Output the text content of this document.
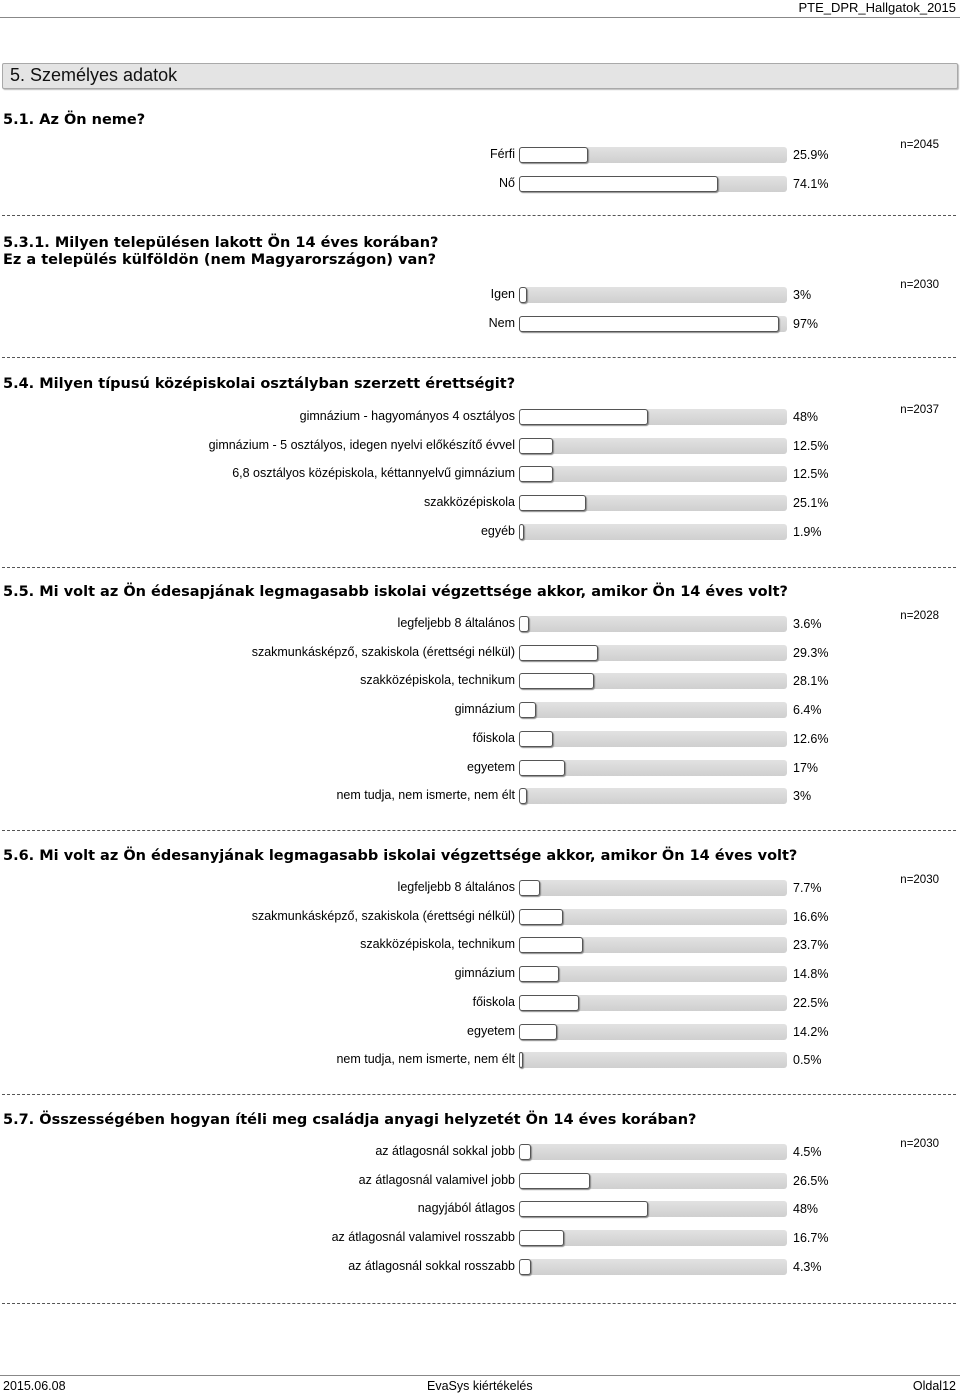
PTE_DPR_Hallgatok_2015
5. Személyes adatok
5.1. Az Ön neme?
n=2045
Férfi	25.9%
Nő	74.1%
5.3.1. Milyen településen lakott Ön 14 éves korában?
Ez a település külföldön (nem Magyarországon) van?
n=2030
Igen	3%
Nem	97%
5.4. Milyen típusú középiskolai osztályban szerzett érettségit?
n=2037
gimnázium - hagyományos 4 osztályos	48%
gimnázium - 5 osztályos, idegen nyelvi előkészítő évvel	12.5%
6,8 osztályos középiskola, kéttannyelvű gimnázium	12.5%
szakközépiskola	25.1%
egyéb	1.9%
5.5. Mi volt az Ön édesapjának legmagasabb iskolai végzettsége akkor, amikor Ön 14 éves volt?
n=2028
legfeljebb 8 általános	3.6%
szakmunkásképző, szakiskola (érettségi nélkül)	29.3%
szakközépiskola, technikum	28.1%
gimnázium	6.4%
főiskola	12.6%
egyetem	17%
nem tudja, nem ismerte, nem élt	3%
5.6. Mi volt az Ön édesanyjának legmagasabb iskolai végzettsége akkor, amikor Ön 14 éves volt?
n=2030
legfeljebb 8 általános	7.7%
szakmunkásképző, szakiskola (érettségi nélkül)	16.6%
szakközépiskola, technikum	23.7%
gimnázium	14.8%
főiskola	22.5%
egyetem	14.2%
nem tudja, nem ismerte, nem élt	0.5%
5.7. Összességében hogyan ítéli meg családja anyagi helyzetét Ön 14 éves korában?
n=2030
az átlagosnál sokkal jobb	4.5%
az átlagosnál valamivel jobb	26.5%
nagyjából átlagos	48%
az átlagosnál valamivel rosszabb	16.7%
az átlagosnál sokkal rosszabb	4.3%
2015.06.08	EvaSys kiértékelés	Oldal12
